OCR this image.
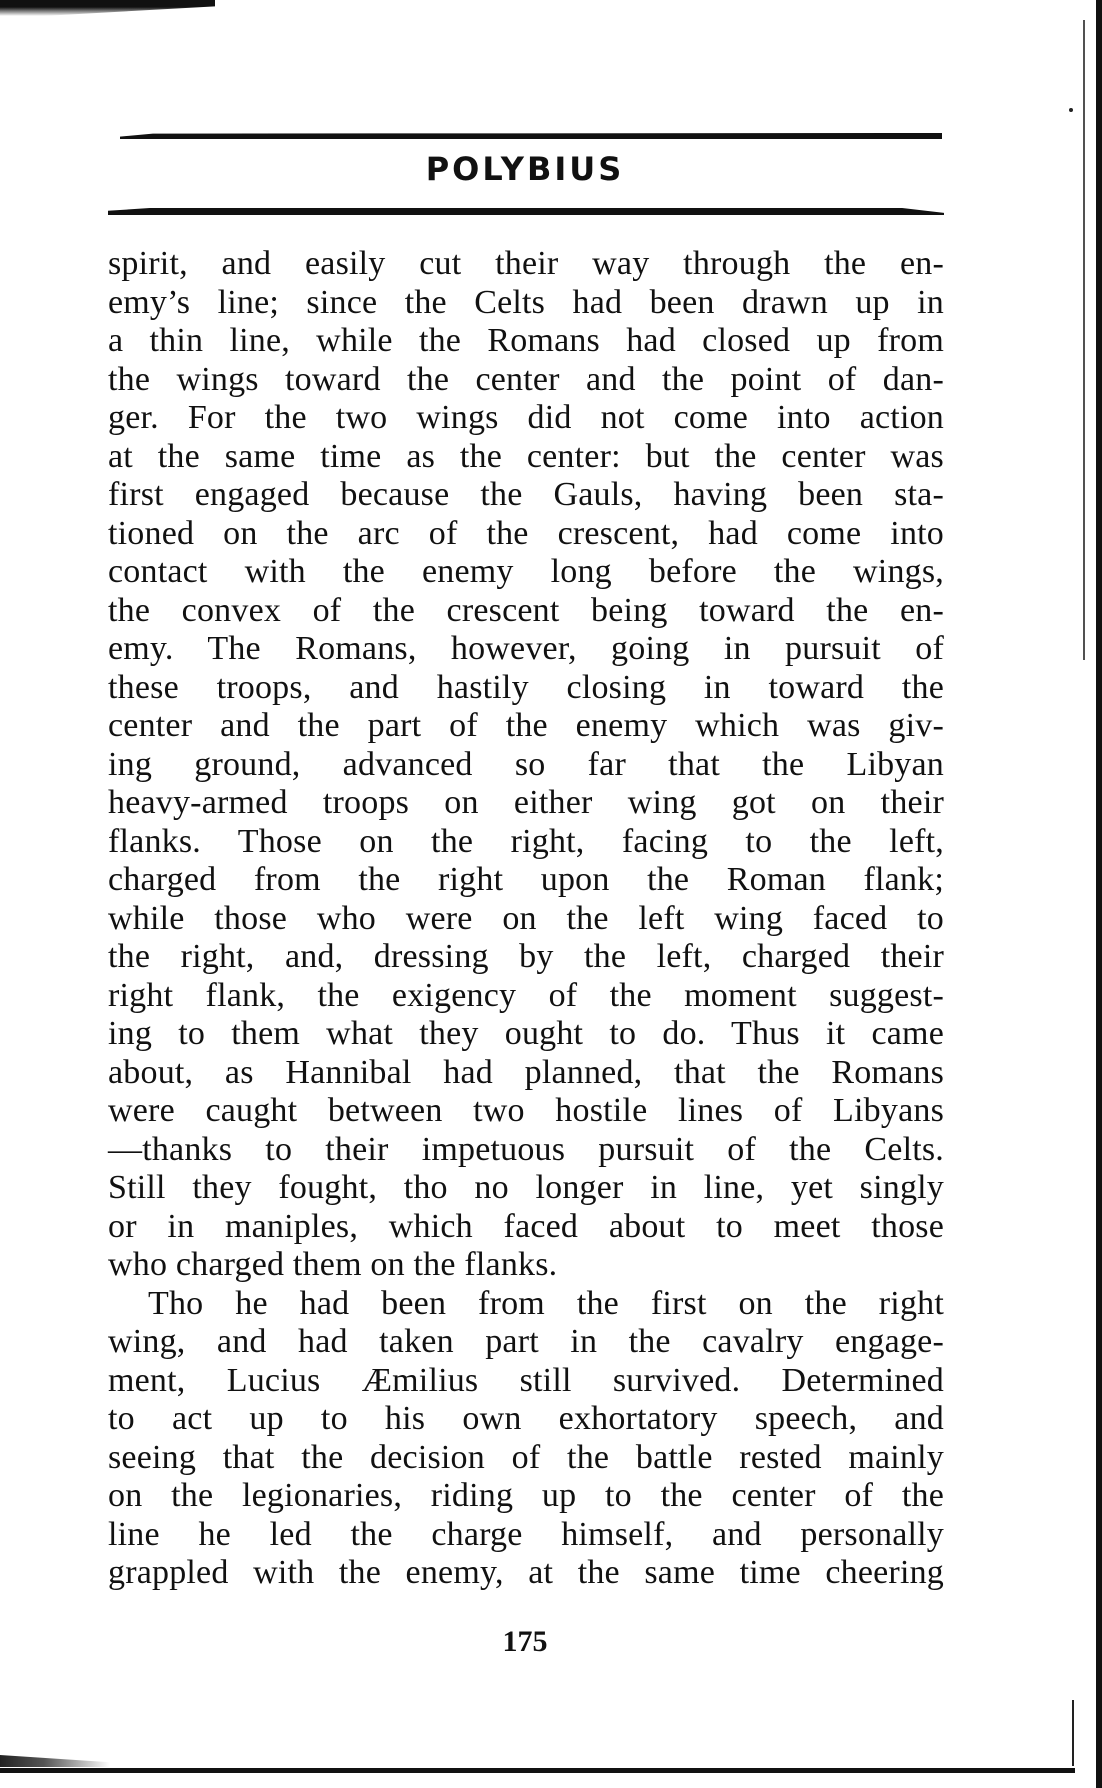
POLYBIUS
spirit, and easily cut their way through the en-
emy’s line; since the Celts had been drawn up in
a thin line, while the Romans had closed up from
the wings toward the center and the point of dan-
ger. For the two wings did not come into action
at the same time as the center: but the center was
first engaged because the Gauls, having been sta-
tioned on the arc of the crescent, had come into
contact with the enemy long before the wings,
the convex of the crescent being toward the en-
emy. The Romans, however, going in pursuit of
these troops, and hastily closing in toward the
center and the part of the enemy which was giv-
ing ground, advanced so far that the Libyan
heavy-armed troops on either wing got on their
flanks. Those on the right, facing to the left,
charged from the right upon the Roman flank;
while those who were on the left wing faced to
the right, and, dressing by the left, charged their
right flank, the exigency of the moment suggest-
ing to them what they ought to do. Thus it came
about, as Hannibal had planned, that the Romans
were caught between two hostile lines of Libyans
—thanks to their impetuous pursuit of the Celts.
Still they fought, tho no longer in line, yet singly
or in maniples, which faced about to meet those
who charged them on the flanks.
Tho he had been from the first on the right
wing, and had taken part in the cavalry engage-
ment, Lucius Æmilius still survived. Determined
to act up to his own exhortatory speech, and
seeing that the decision of the battle rested mainly
on the legionaries, riding up to the center of the
line he led the charge himself, and personally
grappled with the enemy, at the same time cheering
175
